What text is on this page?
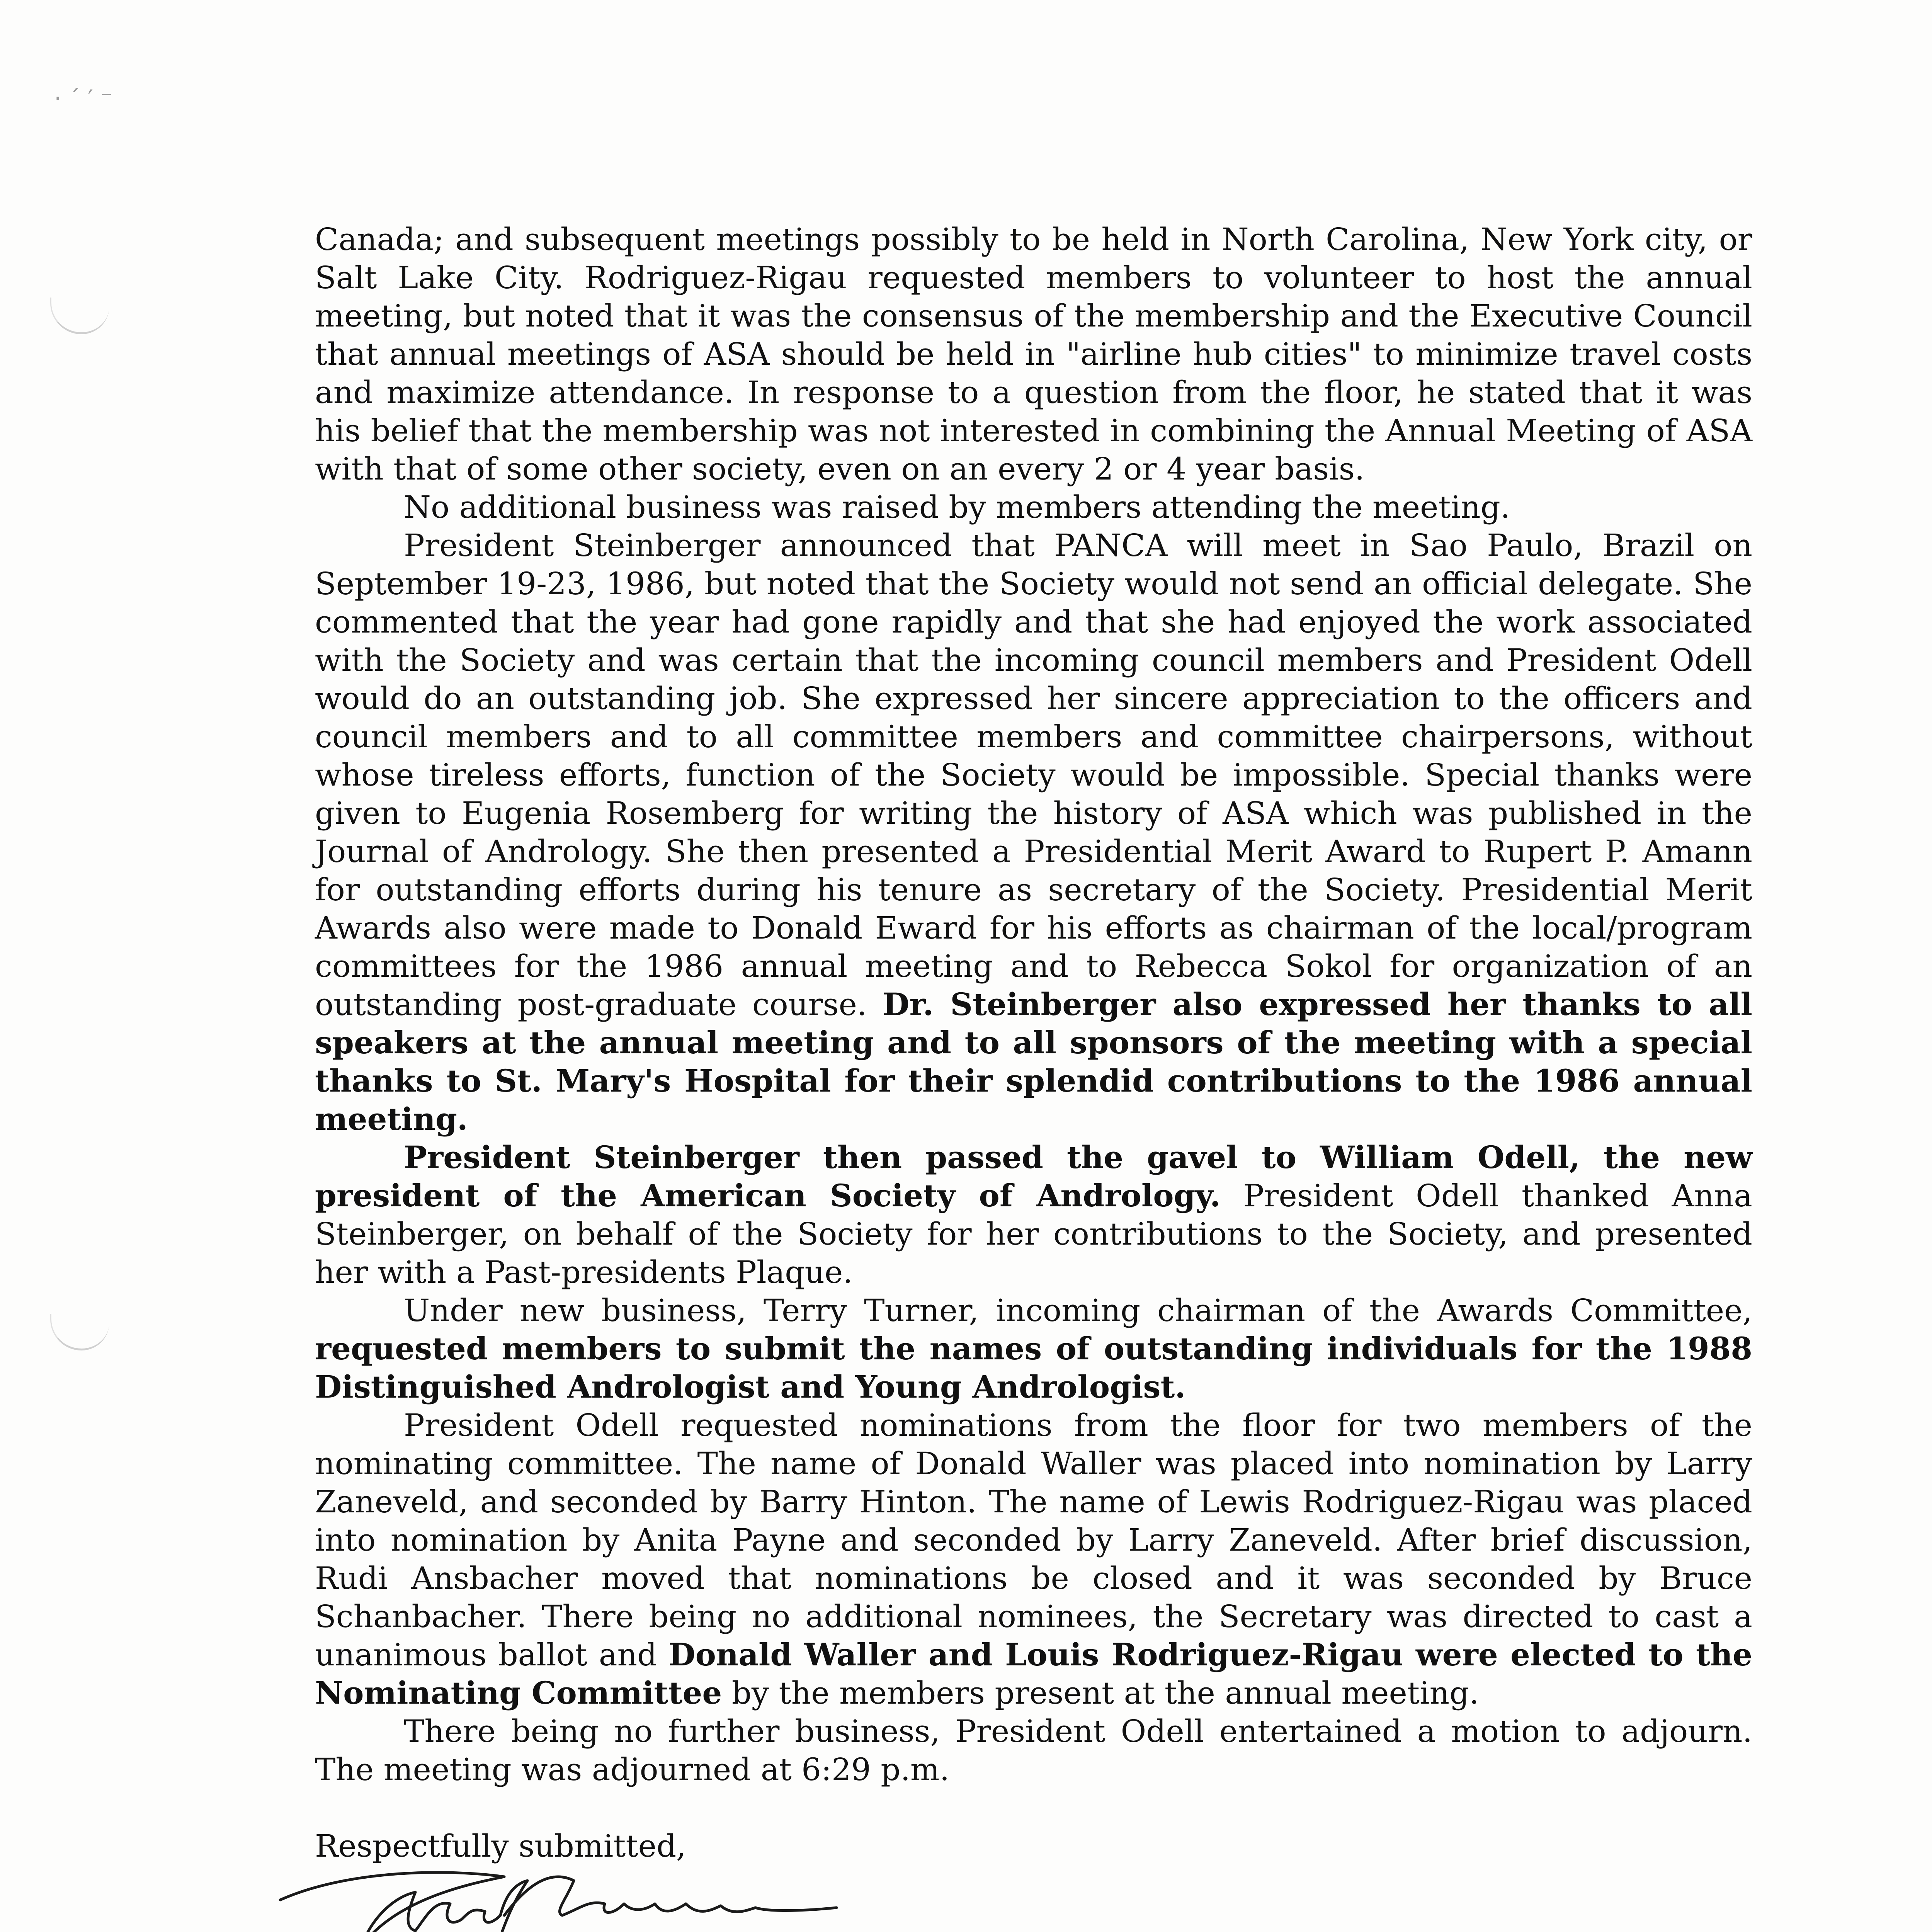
· ˊ ′ ⁻

Canada; and subsequent meetings possibly to be held in North Carolina, New York city, or Salt Lake City. Rodriguez-Rigau requested members to volunteer to host the annual meeting, but noted that it was the consensus of the membership and the Executive Council that annual meetings of ASA should be held in "airline hub cities" to minimize travel costs and maximize attendance. In response to a question from the floor, he stated that it was his belief that the membership was not interested in combining the Annual Meeting of ASA with that of some other society, even on an every 2 or 4 year basis.

No additional business was raised by members attending the meeting.

President Steinberger announced that PANCA will meet in Sao Paulo, Brazil on September 19-23, 1986, but noted that the Society would not send an official delegate. She commented that the year had gone rapidly and that she had enjoyed the work associated with the Society and was certain that the incoming council members and President Odell would do an outstanding job. She expressed her sincere appreciation to the officers and council members and to all committee members and committee chairpersons, without whose tireless efforts, function of the Society would be impossible. Special thanks were given to Eugenia Rosemberg for writing the history of ASA which was published in the Journal of Andrology. She then presented a Presidential Merit Award to Rupert P. Amann for outstanding efforts during his tenure as secretary of the Society. Presidential Merit Awards also were made to Donald Eward for his efforts as chairman of the local/program committees for the 1986 annual meeting and to Rebecca Sokol for organization of an outstanding post-graduate course. Dr. Steinberger also expressed her thanks to all speakers at the annual meeting and to all sponsors of the meeting with a special thanks to St. Mary's Hospital for their splendid contributions to the 1986 annual meeting.

President Steinberger then passed the gavel to William Odell, the new president of the American Society of Andrology. President Odell thanked Anna Steinberger, on behalf of the Society for her contributions to the Society, and presented her with a Past-presidents Plaque.

Under new business, Terry Turner, incoming chairman of the Awards Committee, requested members to submit the names of outstanding individuals for the 1988 Distinguished Andrologist and Young Andrologist.

President Odell requested nominations from the floor for two members of the nominating committee. The name of Donald Waller was placed into nomination by Larry Zaneveld, and seconded by Barry Hinton. The name of Lewis Rodriguez-Rigau was placed into nomination by Anita Payne and seconded by Larry Zaneveld. After brief discussion, Rudi Ansbacher moved that nominations be closed and it was seconded by Bruce Schanbacher. There being no additional nominees, the Secretary was directed to cast a unanimous ballot and Donald Waller and Louis Rodriguez-Rigau were elected to the Nominating Committee by the members present at the annual meeting.

There being no further business, President Odell entertained a motion to adjourn. The meeting was adjourned at 6:29 p.m.

Respectfully submitted,
